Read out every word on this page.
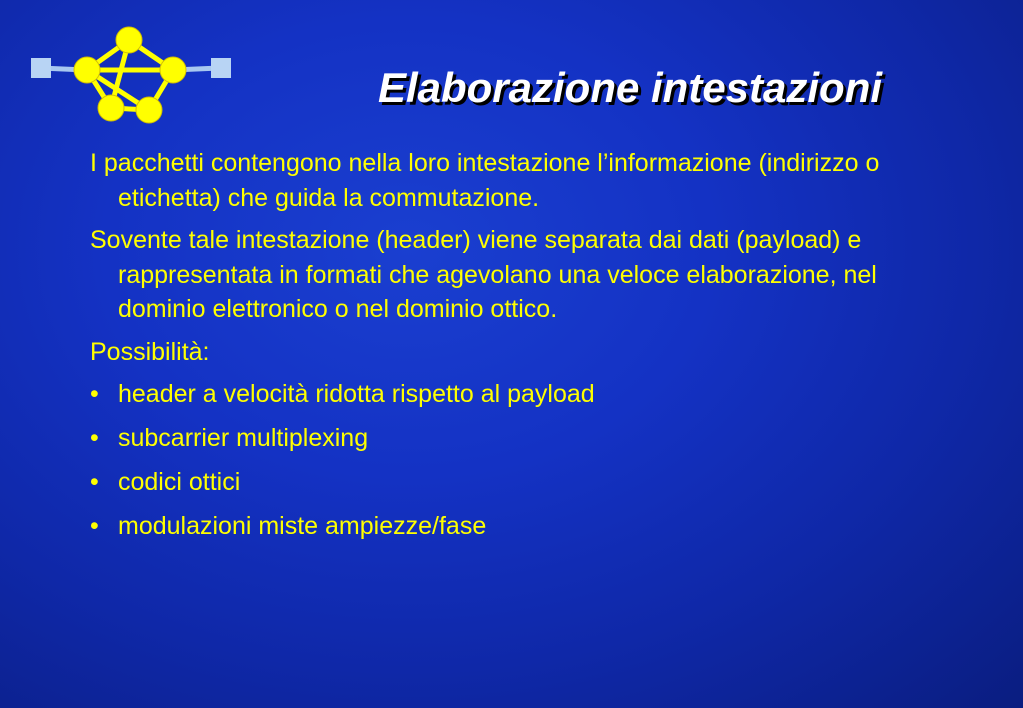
Elaborazione intestazioni

I pacchetti contengono nella loro intestazione l’informazione (indirizzo o etichetta) che guida la commutazione.

Sovente tale intestazione (header) viene separata dai dati (payload) e rappresentata in formati che agevolano una veloce elaborazione, nel dominio elettronico o nel dominio ottico.

Possibilità:

• header a velocità ridotta rispetto al payload
• subcarrier multiplexing
• codici ottici
• modulazioni miste ampiezze/fase
